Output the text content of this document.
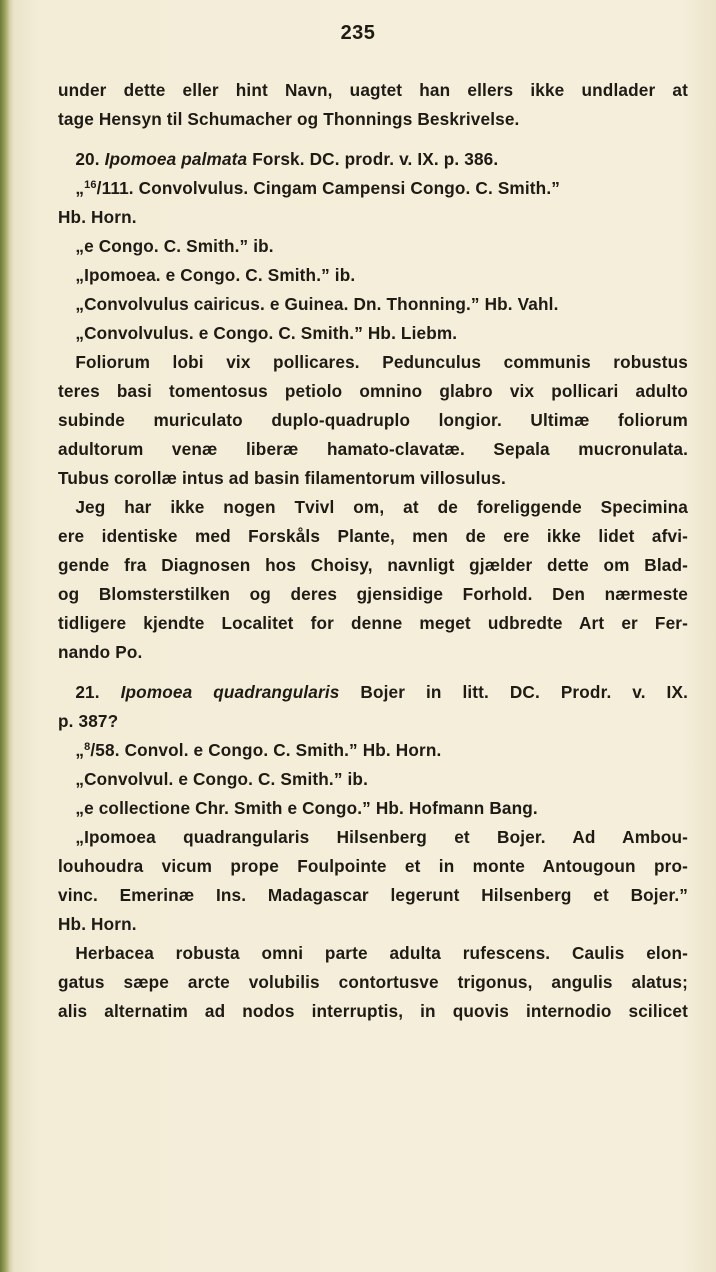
235
under dette eller hint Navn, uagtet han ellers ikke undlader at
tage Hensyn til Schumacher og Thonnings Beskrivelse.
 20. Ipomoea palmata Forsk. DC. prodr. v. IX. p. 386.
 „$^{16}$/111. Convolvulus. Cingam Campensi Congo. C. Smith.”
Hb. Horn.
 „e Congo. C. Smith.” ib.
 „Ipomoea. e Congo. C. Smith.” ib.
 „Convolvulus cairicus. e Guinea. Dn. Thonning.” Hb. Vahl.
 „Convolvulus. e Congo. C. Smith.” Hb. Liebm.
 Foliorum lobi vix pollicares. Pedunculus communis robustus
teres basi tomentosus petiolo omnino glabro vix pollicari adulto
subinde muriculato duplo-quadruplo longior. Ultimæ foliorum
adultorum venæ liberæ hamato-clavatæ. Sepala mucronulata.
Tubus corollæ intus ad basin filamentorum villosulus.
 Jeg har ikke nogen Tvivl om, at de foreliggende Specimina
ere identiske med Forskåls Plante, men de ere ikke lidet afvi-
gende fra Diagnosen hos Choisy, navnligt gjælder dette om Blad-
og Blomsterstilken og deres gjensidige Forhold. Den nærmeste
tidligere kjendte Localitet for denne meget udbredte Art er Fer-
nando Po.
 21. Ipomoea quadrangularis Bojer in litt. DC. Prodr. v. IX.
p. 387?
 „$^8$/58. Convol. e Congo. C. Smith.” Hb. Horn.
 „Convolvul. e Congo. C. Smith.” ib.
 „e collectione Chr. Smith e Congo.” Hb. Hofmann Bang.
 „Ipomoea quadrangularis Hilsenberg et Bojer. Ad Ambou-
louhoudra vicum prope Foulpointe et in monte Antougoun pro-
vinc. Emerinæ Ins. Madagascar legerunt Hilsenberg et Bojer.”
Hb. Horn.
 Herbacea robusta omni parte adulta rufescens. Caulis elon-
gatus sæpe arcte volubilis contortusve trigonus, angulis alatus;
alis alternatim ad nodos interruptis, in quovis internodio scilicet
